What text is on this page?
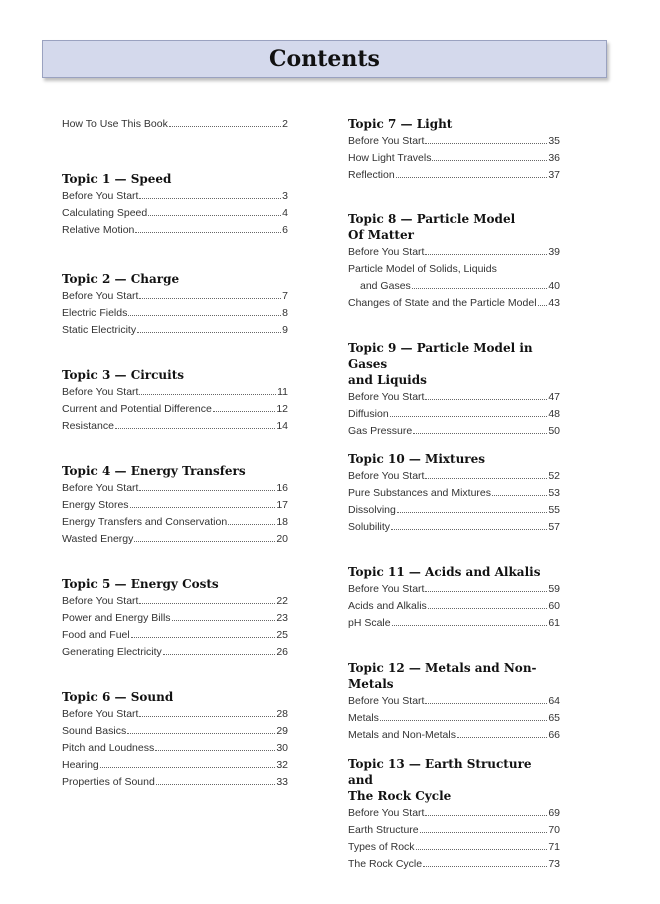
Contents
How To Use This Book	2
Topic 1 — Speed
Before You Start	3
Calculating Speed	4
Relative Motion	6
Topic 2 — Charge
Before You Start	7
Electric Fields	8
Static Electricity	9
Topic 3 — Circuits
Before You Start	11
Current and Potential Difference	12
Resistance	14
Topic 4 — Energy Transfers
Before You Start	16
Energy Stores	17
Energy Transfers and Conservation	18
Wasted Energy	20
Topic 5 — Energy Costs
Before You Start	22
Power and Energy Bills	23
Food and Fuel	25
Generating Electricity	26
Topic 6 — Sound
Before You Start	28
Sound Basics	29
Pitch and Loudness	30
Hearing	32
Properties of Sound	33
Topic 7 — Light
Before You Start	35
How Light Travels	36
Reflection	37
Topic 8 — Particle Model
Of Matter
Before You Start	39
Particle Model of Solids, Liquids
and Gases	40
Changes of State and the Particle Model 43
Topic 9 — Particle Model in Gases
and Liquids
Before You Start	47
Diffusion	48
Gas Pressure	50
Topic 10 — Mixtures
Before You Start	52
Pure Substances and Mixtures	53
Dissolving	55
Solubility	57
Topic 11 — Acids and Alkalis
Before You Start	59
Acids and Alkalis	60
pH Scale	61
Topic 12 — Metals and Non-Metals
Before You Start	64
Metals	65
Metals and Non-Metals	66
Topic 13 — Earth Structure and
The Rock Cycle
Before You Start	69
Earth Structure	70
Types of Rock	71
The Rock Cycle	73
